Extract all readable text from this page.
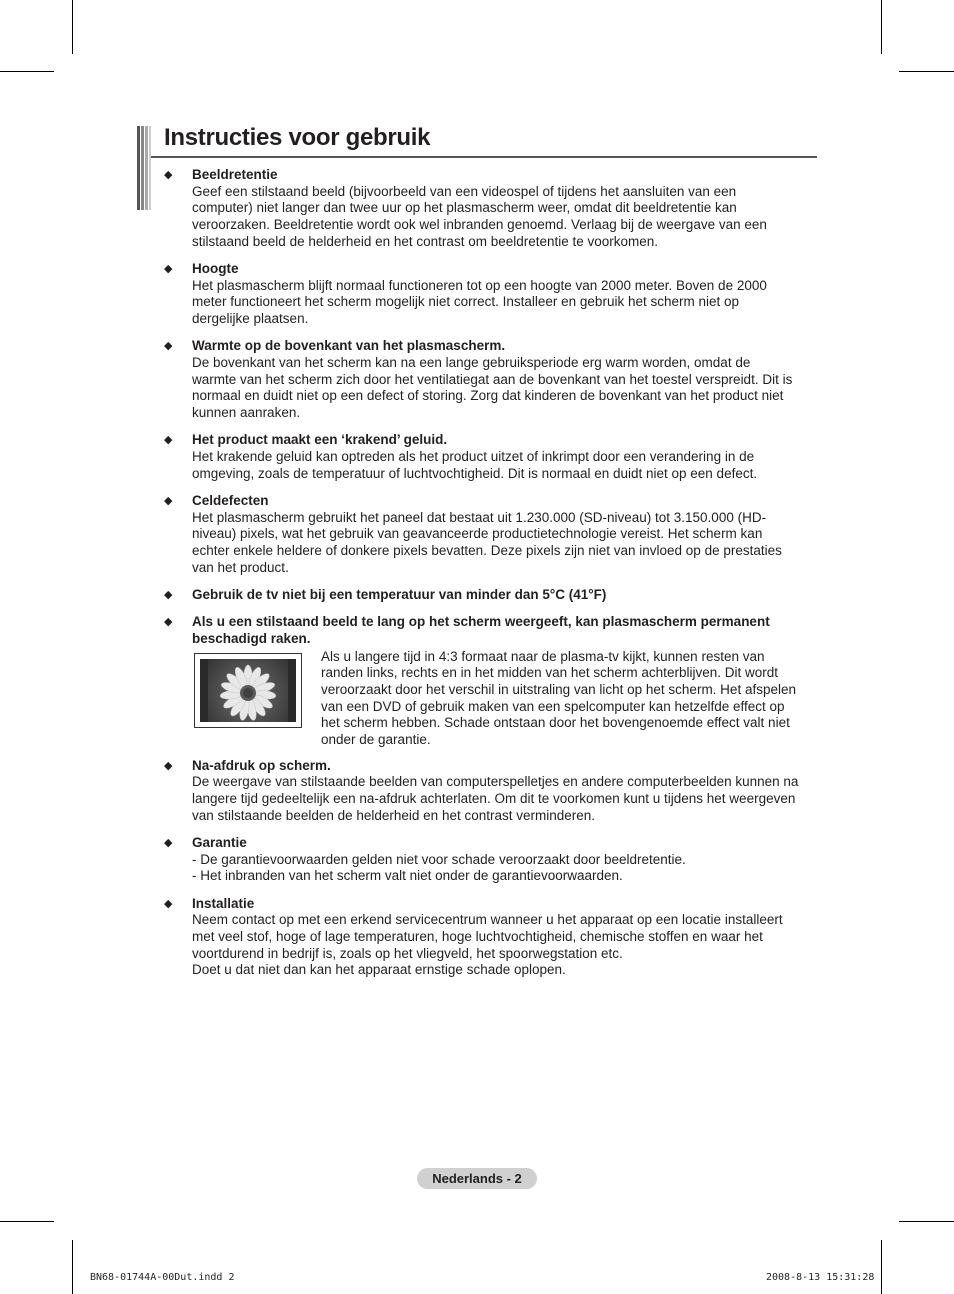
Instructies voor gebruik
◆ Beeldretentie
Geef een stilstaand beeld (bijvoorbeeld van een videospel of tijdens het aansluiten van een
computer) niet langer dan twee uur op het plasmascherm weer, omdat dit beeldretentie kan
veroorzaken. Beeldretentie wordt ook wel inbranden genoemd. Verlaag bij de weergave van een
stilstaand beeld de helderheid en het contrast om beeldretentie te voorkomen.
◆ Hoogte
Het plasmascherm blijft normaal functioneren tot op een hoogte van 2000 meter. Boven de 2000
meter functioneert het scherm mogelijk niet correct. Installeer en gebruik het scherm niet op
dergelijke plaatsen.
◆ Warmte op de bovenkant van het plasmascherm.
De bovenkant van het scherm kan na een lange gebruiksperiode erg warm worden, omdat de
warmte van het scherm zich door het ventilatiegat aan de bovenkant van het toestel verspreidt. Dit is
normaal en duidt niet op een defect of storing. Zorg dat kinderen de bovenkant van het product niet
kunnen aanraken.
◆ Het product maakt een ‘krakend’ geluid.
Het krakende geluid kan optreden als het product uitzet of inkrimpt door een verandering in de
omgeving, zoals de temperatuur of luchtvochtigheid. Dit is normaal en duidt niet op een defect.
◆ Celdefecten
Het plasmascherm gebruikt het paneel dat bestaat uit 1.230.000 (SD-niveau) tot 3.150.000 (HD-
niveau) pixels, wat het gebruik van geavanceerde productietechnologie vereist. Het scherm kan
echter enkele heldere of donkere pixels bevatten. Deze pixels zijn niet van invloed op de prestaties
van het product.
◆ Gebruik de tv niet bij een temperatuur van minder dan 5°C (41°F)
◆ Als u een stilstaand beeld te lang op het scherm weergeeft, kan plasmascherm permanent
beschadigd raken.
Als u langere tijd in 4:3 formaat naar de plasma-tv kijkt, kunnen resten van
randen links, rechts en in het midden van het scherm achterblijven. Dit wordt
veroorzaakt door het verschil in uitstraling van licht op het scherm. Het afspelen
van een DVD of gebruik maken van een spelcomputer kan hetzelfde effect op
het scherm hebben. Schade ontstaan door het bovengenoemde effect valt niet
onder de garantie.
◆ Na-afdruk op scherm.
De weergave van stilstaande beelden van computerspelletjes en andere computerbeelden kunnen na
langere tijd gedeeltelijk een na-afdruk achterlaten. Om dit te voorkomen kunt u tijdens het weergeven
van stilstaande beelden de helderheid en het contrast verminderen.
◆ Garantie
- De garantievoorwaarden gelden niet voor schade veroorzaakt door beeldretentie.
- Het inbranden van het scherm valt niet onder de garantievoorwaarden.
◆ Installatie
Neem contact op met een erkend servicecentrum wanneer u het apparaat op een locatie installeert
met veel stof, hoge of lage temperaturen, hoge luchtvochtigheid, chemische stoffen en waar het
voortdurend in bedrijf is, zoals op het vliegveld, het spoorwegstation etc.
Doet u dat niet dan kan het apparaat ernstige schade oplopen.
Nederlands - 2
BN68-01744A-00Dut.indd 2	2008-8-13 15:31:28
